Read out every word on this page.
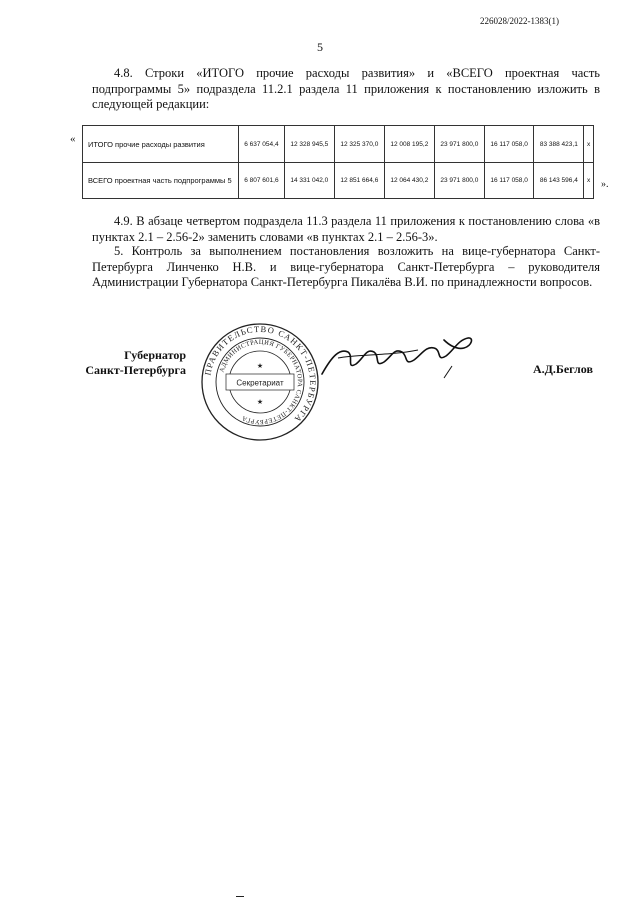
226028/2022-1383(1)
5
4.8. Строки «ИТОГО прочие расходы развития» и «ВСЕГО проектная часть подпрограммы 5» подраздела 11.2.1 раздела 11 приложения к постановлению изложить в следующей редакции:
« ИТОГО прочие расходы развития	6 637 054,4	12 328 945,5	12 325 370,0	12 008 195,2	23 971 800,0	16 117 058,0	83 388 423,1	х
ВСЕГО проектная часть подпрограммы 5	6 807 601,6	14 331 042,0	12 851 664,6	12 064 430,2	23 971 800,0	16 117 058,0	86 143 596,4	х ».
4.9. В абзаце четвертом подраздела 11.3 раздела 11 приложения к постановлению слова «в пунктах 2.1 – 2.56-2» заменить словами «в пунктах 2.1 – 2.56-3».
5. Контроль за выполнением постановления возложить на вице-губернатора Санкт-Петербурга Линченко Н.В. и вице-губернатора Санкт-Петербурга – руководителя Администрации Губернатора Санкт-Петербурга Пикалёва В.И. по принадлежности вопросов.
Губернатор
Санкт-Петербурга ПРАВИТЕЛЬСТВО САНКТ-ПЕТЕРБУРГА
АДМИНИСТРАЦИЯ ГУБЕРНАТОРА САНКТ-ПЕТЕРБУРГА
Секретариат
★
★
А.Д.Беглов
